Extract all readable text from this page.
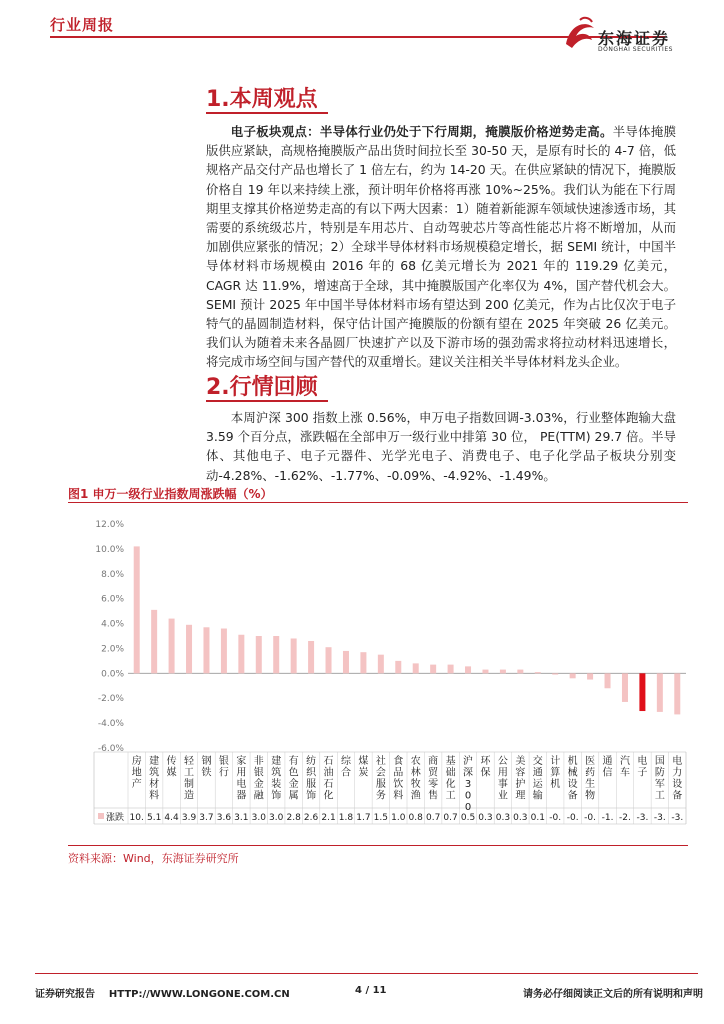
行业周报
东海证券
DONGHAI SECURITIES
1.本周观点

电子板块观点：半导体行业仍处于下行周期，掩膜版价格逆势走高。半导体掩膜版供应紧缺，高规格掩膜版产品出货时间拉长至 30-50 天，是原有时长的 4-7 倍，低规格产品交付产品也增长了 1 倍左右，约为 14-20 天。在供应紧缺的情况下，掩膜版价格自 19 年以来持续上涨，预计明年价格将再涨 10%~25%。我们认为能在下行周期里支撑其价格逆势走高的有以下两大因素：1）随着新能源车领域快速渗透市场，其需要的系统级芯片，特别是车用芯片、自动驾驶芯片等高性能芯片将不断增加，从而加剧供应紧张的情况；2）全球半导体材料市场规模稳定增长，据 SEMI 统计，中国半导体材料市场规模由 2016 年的 68 亿美元增长为 2021 年的 119.29 亿美元，CAGR 达 11.9%，增速高于全球，其中掩膜版国产化率仅为 4%，国产替代机会大。SEMI 预计 2025 年中国半导体材料市场有望达到 200 亿美元，作为占比仅次于电子特气的晶圆制造材料，保守估计国产掩膜版的份额有望在 2025 年突破 26 亿美元。我们认为随着未来各晶圆厂快速扩产以及下游市场的强劲需求将拉动材料迅速增长，将完成市场空间与国产替代的双重增长。建议关注相关半导体材料龙头企业。

2.行情回顾

本周沪深 300 指数上涨 0.56%，申万电子指数回调-3.03%，行业整体跑输大盘 3.59 个百分点，涨跌幅在全部申万一级行业中排第 30 位， PE(TTM) 29.7 倍。半导体、其他电子、电子元器件、光学光电子、消费电子、电子化学品子板块分别变动-4.28%、-1.62%、-1.77%、-0.09%、-4.92%、-1.49%。

图1 申万一级行业指数周涨跌幅（%）
12.0%
10.0%
8.0%
6.0%
4.0%
2.0%
0.0%
-2.0%
-4.0%
-6.0%
涨跌
房地产
10.
建筑材料
5.1
传媒
4.4
轻工制造
3.9
钢铁
3.7
银行
3.6
家用电器
3.1
非银金融
3.0
建筑装饰
3.0
有色金属
2.8
纺织服饰
2.6
石油石化
2.1
综合
1.8
煤炭
1.7
社会服务
1.5
食品饮料
1.0
农林牧渔
0.8
商贸零售
0.7
基础化工
0.7
沪深 3 0 0
0.5
环保
0.3
公用事业
0.3
美容护理
0.3
交通运输
0.1
计算机
-0.
机械设备
-0.
医药生物
-0.
通信
-1.
汽车
-2.
电子
-3.
国防军工
-3.
电力设备
-3.
资料来源：Wind，东海证券研究所
证券研究报告    HTTP://WWW.LONGONE.COM.CN	4 / 11	请务必仔细阅读正文后的所有说明和声明
